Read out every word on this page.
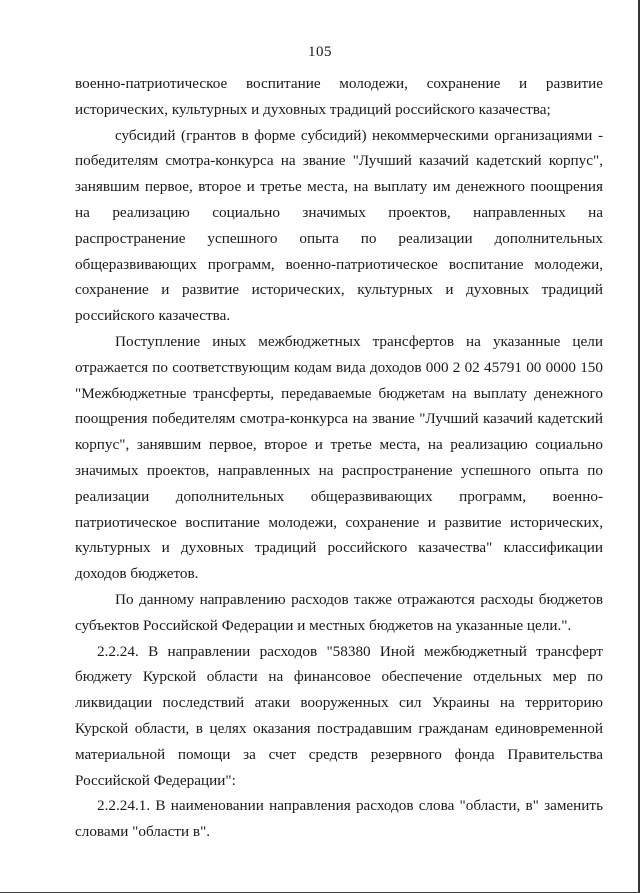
105

военно-патриотическое воспитание молодежи, сохранение и развитие исторических, культурных и духовных традиций российского казачества;

субсидий (грантов в форме субсидий) некоммерческими организациями - победителям смотра-конкурса на звание "Лучший казачий кадетский корпус", занявшим первое, второе и третье места, на выплату им денежного поощрения на реализацию социально значимых проектов, направленных на распространение успешного опыта по реализации дополнительных общеразвивающих программ, военно-патриотическое воспитание молодежи, сохранение и развитие исторических, культурных и духовных традиций российского казачества.

Поступление иных межбюджетных трансфертов на указанные цели отражается по соответствующим кодам вида доходов 000 2 02 45791 00 0000 150 "Межбюджетные трансферты, передаваемые бюджетам на выплату денежного поощрения победителям смотра-конкурса на звание "Лучший казачий кадетский корпус", занявшим первое, второе и третье места, на реализацию социально значимых проектов, направленных на распространение успешного опыта по реализации дополнительных общеразвивающих программ, военно-патриотическое воспитание молодежи, сохранение и развитие исторических, культурных и духовных традиций российского казачества" классификации доходов бюджетов.

По данному направлению расходов также отражаются расходы бюджетов субъектов Российской Федерации и местных бюджетов на указанные цели.".

2.2.24. В направлении расходов "58380 Иной межбюджетный трансферт бюджету Курской области на финансовое обеспечение отдельных мер по ликвидации последствий атаки вооруженных сил Украины на территорию Курской области, в целях оказания пострадавшим гражданам единовременной материальной помощи за счет средств резервного фонда Правительства Российской Федерации":

2.2.24.1. В наименовании направления расходов слова "области, в" заменить словами "области в".
